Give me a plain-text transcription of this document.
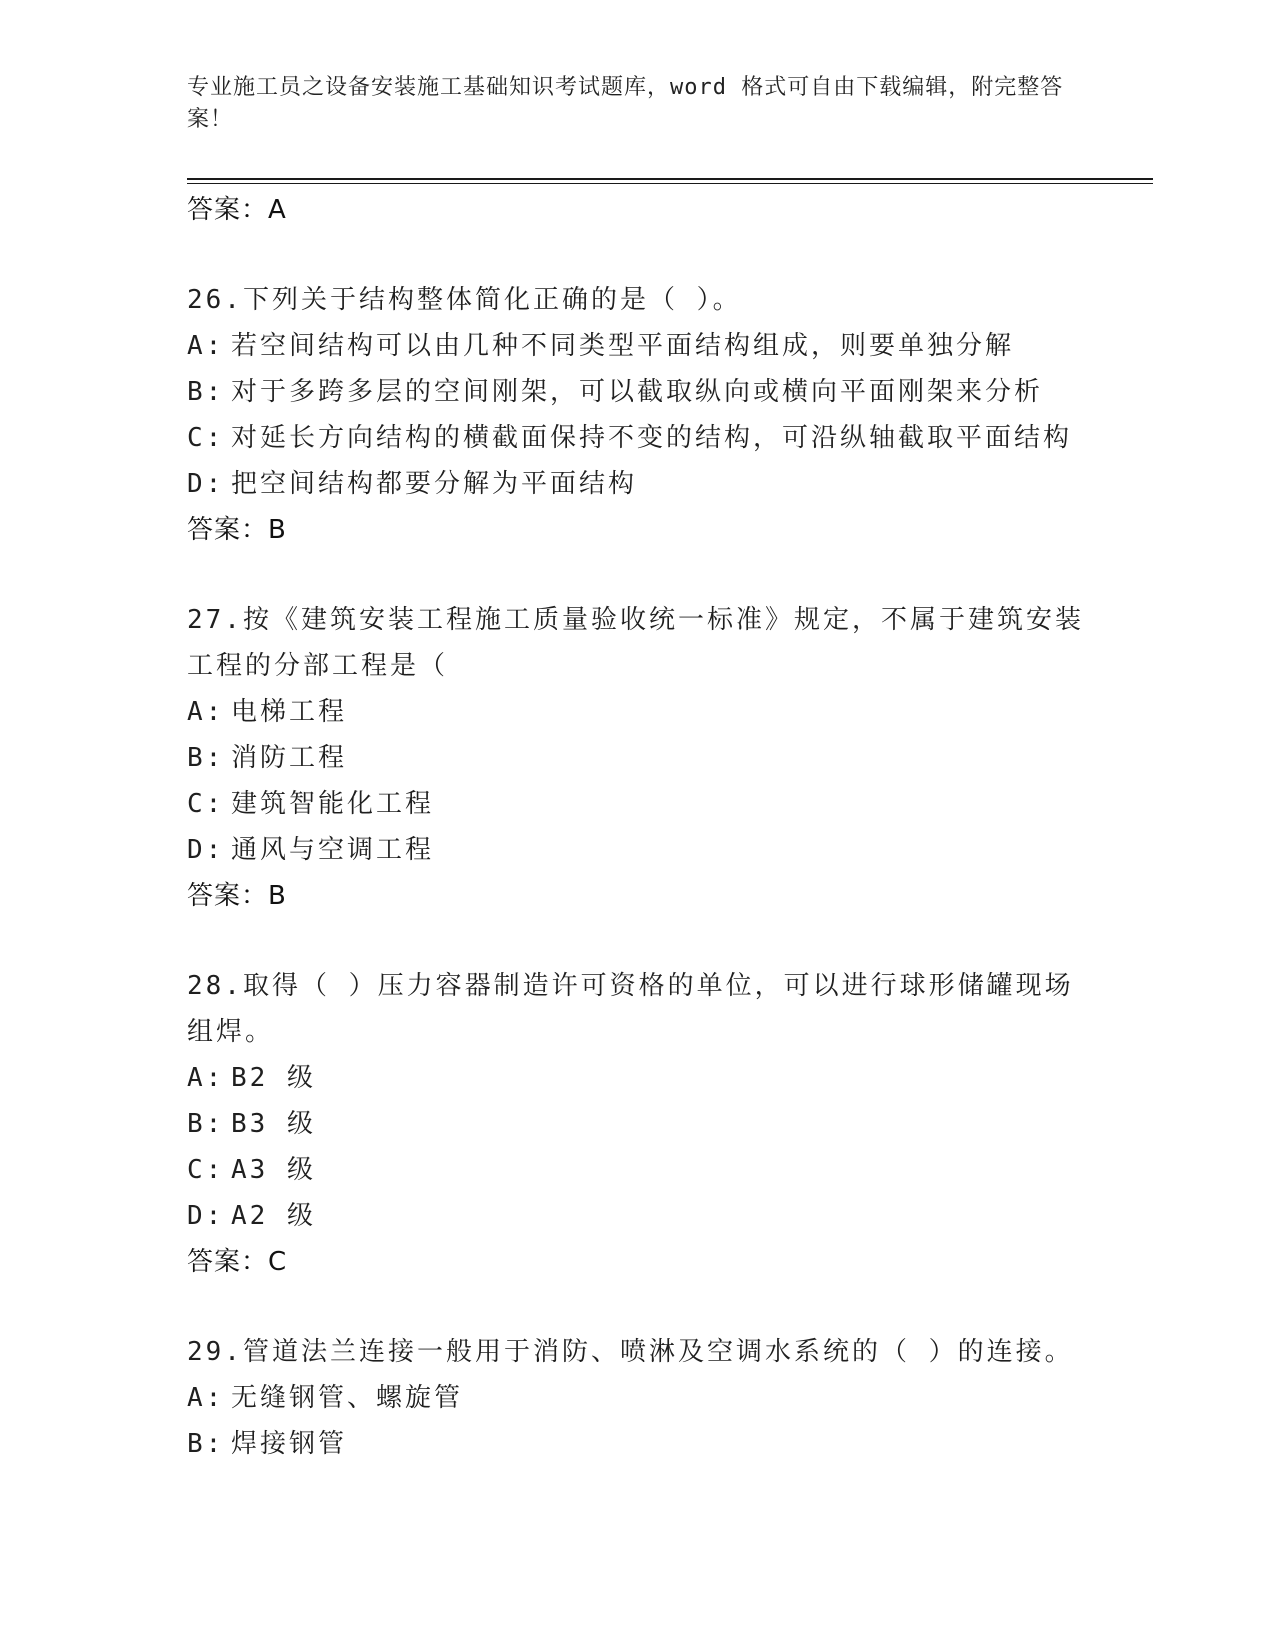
专业施工员之设备安装施工基础知识考试题库，word 格式可自由下载编辑，附完整答案！
答案：A
26.下列关于结构整体简化正确的是（ ）。
A: 若空间结构可以由几种不同类型平面结构组成，则要单独分解
B: 对于多跨多层的空间刚架，可以截取纵向或横向平面刚架来分析
C: 对延长方向结构的横截面保持不变的结构，可沿纵轴截取平面结构
D: 把空间结构都要分解为平面结构
答案：B
27.按《建筑安装工程施工质量验收统一标准》规定，不属于建筑安装工程的分部工程是（
A: 电梯工程
B: 消防工程
C: 建筑智能化工程
D: 通风与空调工程
答案：B
28.取得（ ）压力容器制造许可资格的单位，可以进行球形储罐现场组焊。
A: B2 级
B: B3 级
C: A3 级
D: A2 级
答案：C
29.管道法兰连接一般用于消防、喷淋及空调水系统的（ ）的连接。
A: 无缝钢管、螺旋管
B: 焊接钢管
